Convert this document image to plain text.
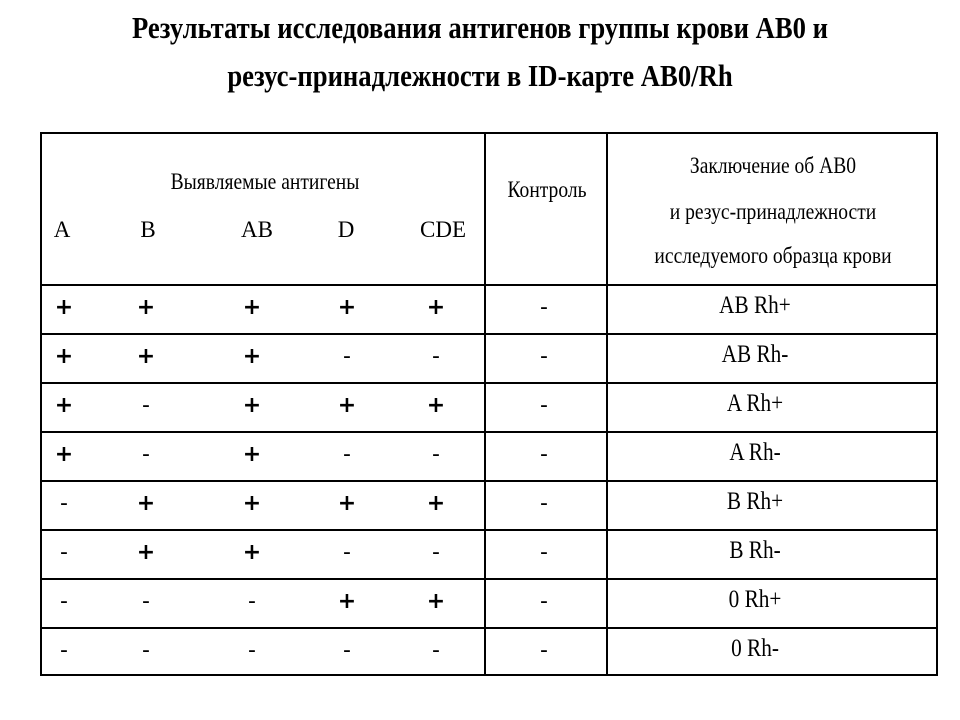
Результаты исследования антигенов группы крови AB0 и
резус-принадлежности в ID-карте AB0/Rh
Выявляемые антигены
A	B	AB	D	CDE
Контроль
Заключение об AB0
и резус-принадлежности
исследуемого образца крови
+	+	+	+	+	-	AB Rh+
+	+	+	-	-	-	AB Rh-
+	-	+	+	+	-	A Rh+
+	-	+	-	-	-	A Rh-
-	+	+	+	+	-	B Rh+
-	+	+	-	-	-	B Rh-
-	-	-	+	+	-	0 Rh+
-	-	-	-	-	-	0 Rh-
